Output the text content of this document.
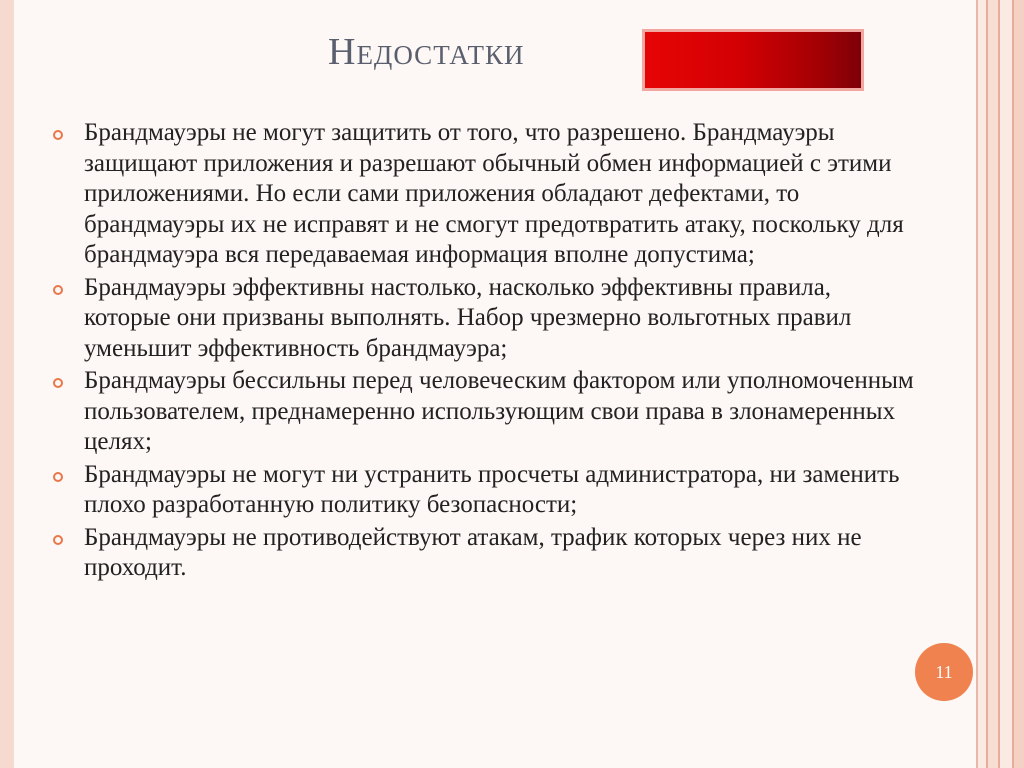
Недостатки
Брандмауэры не могут защитить от того, что разрешено. Брандмауэры защищают приложения и разрешают обычный обмен информацией с этими приложениями. Но если сами приложения обладают дефектами, то брандмауэры их не исправят и не смогут предотвратить атаку, поскольку для брандмауэра вся передаваемая информация вполне допустима;
Брандмауэры эффективны настолько, насколько эффективны правила, которые они призваны выполнять. Набор чрезмерно вольготных правил уменьшит эффективность брандмауэра;
Брандмауэры бессильны перед человеческим фактором или уполномоченным пользователем, преднамеренно использующим свои права в злонамеренных целях;
Брандмауэры не могут ни устранить просчеты администратора, ни заменить плохо разработанную политику безопасности;
Брандмауэры не противодействуют атакам, трафик которых через них не проходит.
11
